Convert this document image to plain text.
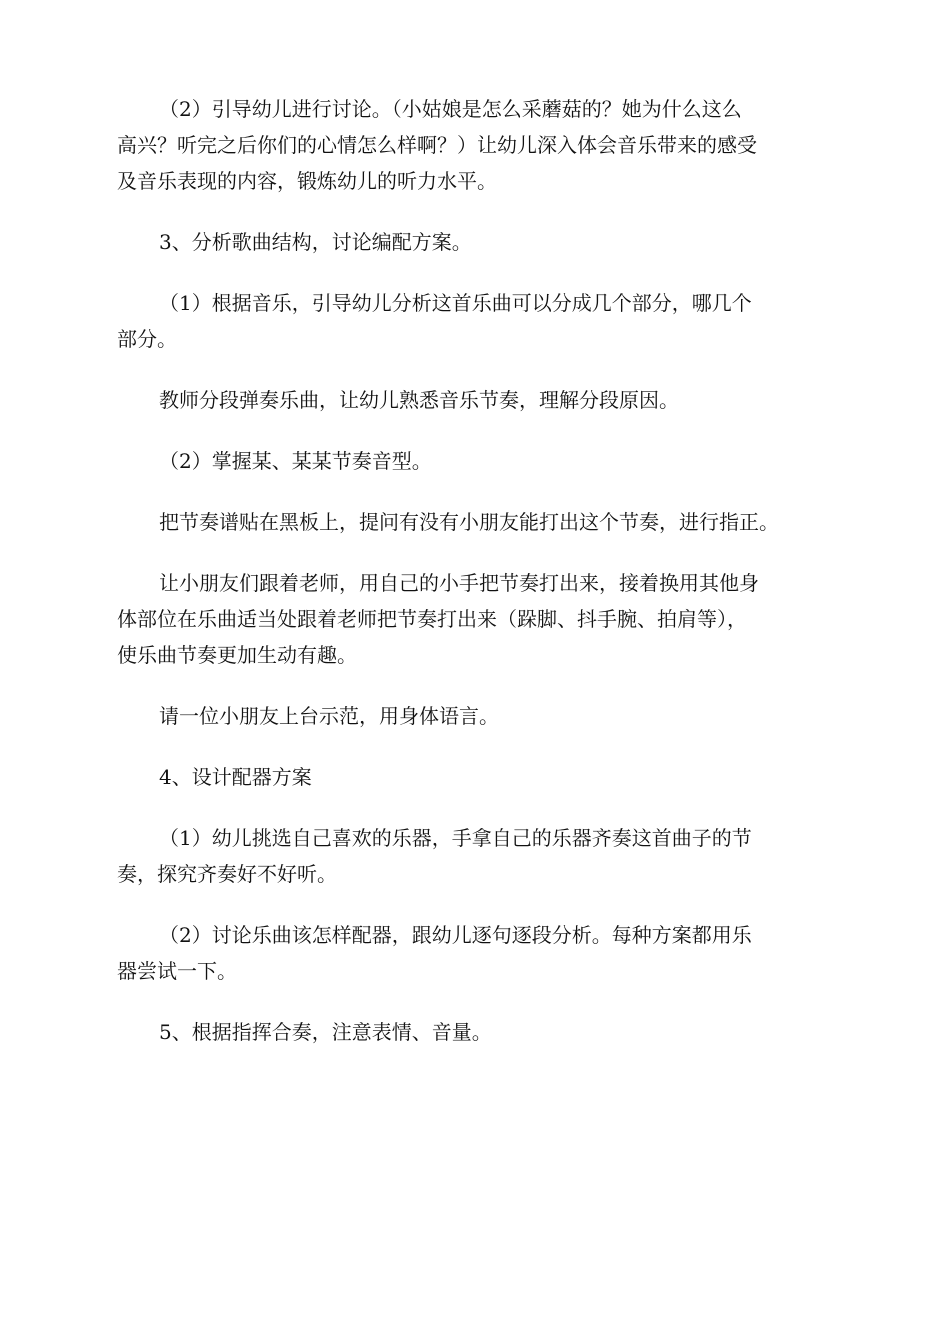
（2）引导幼儿进行讨论。（小姑娘是怎么采蘑菇的？她为什么这么
高兴？听完之后你们的心情怎么样啊？）让幼儿深入体会音乐带来的感受
及音乐表现的内容，锻炼幼儿的听力水平。
3、分析歌曲结构，讨论编配方案。
（1）根据音乐，引导幼儿分析这首乐曲可以分成几个部分，哪几个
部分。
教师分段弹奏乐曲，让幼儿熟悉音乐节奏，理解分段原因。
（2）掌握某、某某节奏音型。
把节奏谱贴在黑板上，提问有没有小朋友能打出这个节奏，进行指正。
让小朋友们跟着老师，用自己的小手把节奏打出来，接着换用其他身
体部位在乐曲适当处跟着老师把节奏打出来（跺脚、抖手腕、拍肩等），
使乐曲节奏更加生动有趣。
请一位小朋友上台示范，用身体语言。
4、设计配器方案
（1）幼儿挑选自己喜欢的乐器，手拿自己的乐器齐奏这首曲子的节
奏，探究齐奏好不好听。
（2）讨论乐曲该怎样配器，跟幼儿逐句逐段分析。每种方案都用乐
器尝试一下。
5、根据指挥合奏，注意表情、音量。
